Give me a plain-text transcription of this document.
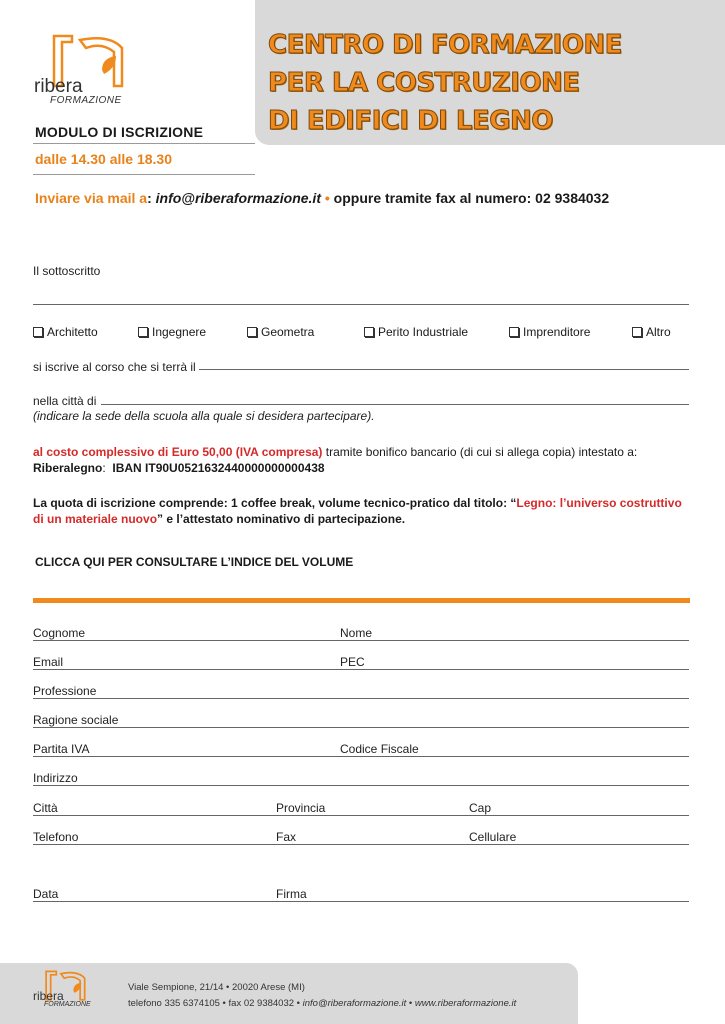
ribera
FORMAZIONE
CENTRO DI FORMAZIONE
PER LA COSTRUZIONE
DI EDIFICI DI LEGNO
MODULO DI ISCRIZIONE
dalle 14.30 alle 18.30
Inviare via mail a: info@riberaformazione.it • oppure tramite fax al numero: 02 9384032
Il sottoscritto
Architetto	Ingegnere	Geometra	Perito Industriale	Imprenditore	Altro
si iscrive al corso che si terrà il
nella città di
(indicare la sede della scuola alla quale si desidera partecipare).
al costo complessivo di Euro 50,00 (IVA compresa) tramite bonifico bancario (di cui si allega copia) intestato a:
Riberalegno:  IBAN IT90U0521632440000000000438
La quota di iscrizione comprende: 1 coffee break, volume tecnico-pratico dal titolo: “Legno: l’universo costruttivo di un materiale nuovo” e l’attestato nominativo di partecipazione.
CLICCA QUI PER CONSULTARE L’INDICE DEL VOLUME
Cognome	Nome
Email	PEC
Professione
Ragione sociale
Partita IVA	Codice Fiscale
Indirizzo
Città	Provincia	Cap
Telefono	Fax	Cellulare
Data	Firma
ribera
FORMAZIONE
Viale Sempione, 21/14 • 20020 Arese (MI)
telefono 335 6374105 • fax 02 9384032 • info@riberaformazione.it • www.riberaformazione.it
